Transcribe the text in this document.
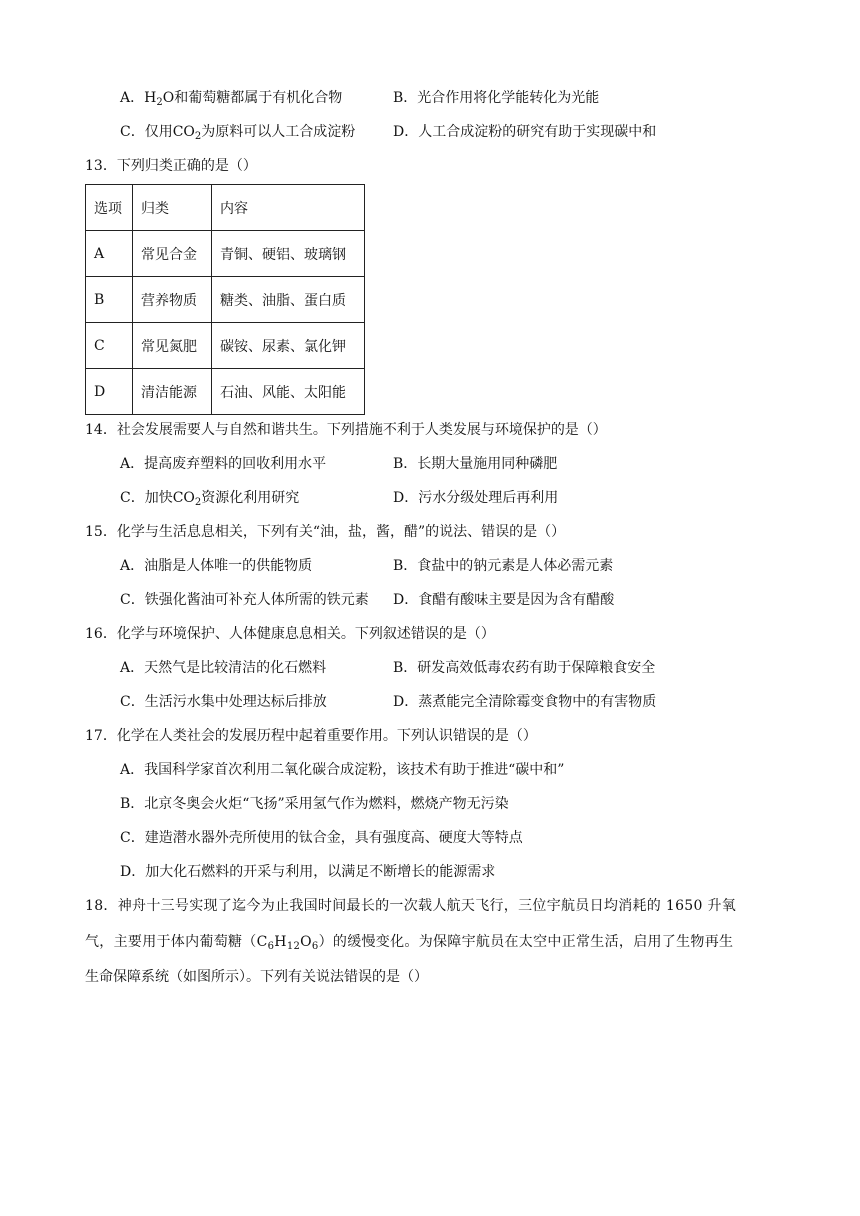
A．$H_2O$和葡萄糖都属于有机化合物	B．光合作用将化学能转化为光能
C．仅用$CO_2$为原料可以人工合成淀粉	D．人工合成淀粉的研究有助于实现碳中和
13．下列归类正确的是（）
选项	归类	内容
A	常见合金	青铜、硬铝、玻璃钢
B	营养物质	糖类、油脂、蛋白质
C	常见氮肥	碳铵、尿素、氯化钾
D	清洁能源	石油、风能、太阳能
14．社会发展需要人与自然和谐共生。下列措施不利于人类发展与环境保护的是（）
A．提高废弃塑料的回收利用水平	B．长期大量施用同种磷肥
C．加快$CO_2$资源化利用研究	D．污水分级处理后再利用
15．化学与生活息息相关，下列有关“油，盐，酱，醋”的说法、错误的是（）
A．油脂是人体唯一的供能物质	B．食盐中的钠元素是人体必需元素
C．铁强化酱油可补充人体所需的铁元素 D．食醋有酸味主要是因为含有醋酸
16．化学与环境保护、人体健康息息相关。下列叙述错误的是（）
A．天然气是比较清洁的化石燃料	B．研发高效低毒农药有助于保障粮食安全
C．生活污水集中处理达标后排放	D．蒸煮能完全清除霉变食物中的有害物质
17．化学在人类社会的发展历程中起着重要作用。下列认识错误的是（）
A．我国科学家首次利用二氧化碳合成淀粉，该技术有助于推进“碳中和”
B．北京冬奥会火炬“飞扬”采用氢气作为燃料，燃烧产物无污染
C．建造潜水器外壳所使用的钛合金，具有强度高、硬度大等特点
D．加大化石燃料的开采与利用，以满足不断增长的能源需求
18．神舟十三号实现了迄今为止我国时间最长的一次载人航天飞行，三位宇航员日均消耗的 1650 升氧
气，主要用于体内葡萄糖$(C_6H_{12}O_6)$的缓慢变化。为保障宇航员在太空中正常生活，启用了生物再生
生命保障系统（如图所示）。下列有关说法错误的是（）
